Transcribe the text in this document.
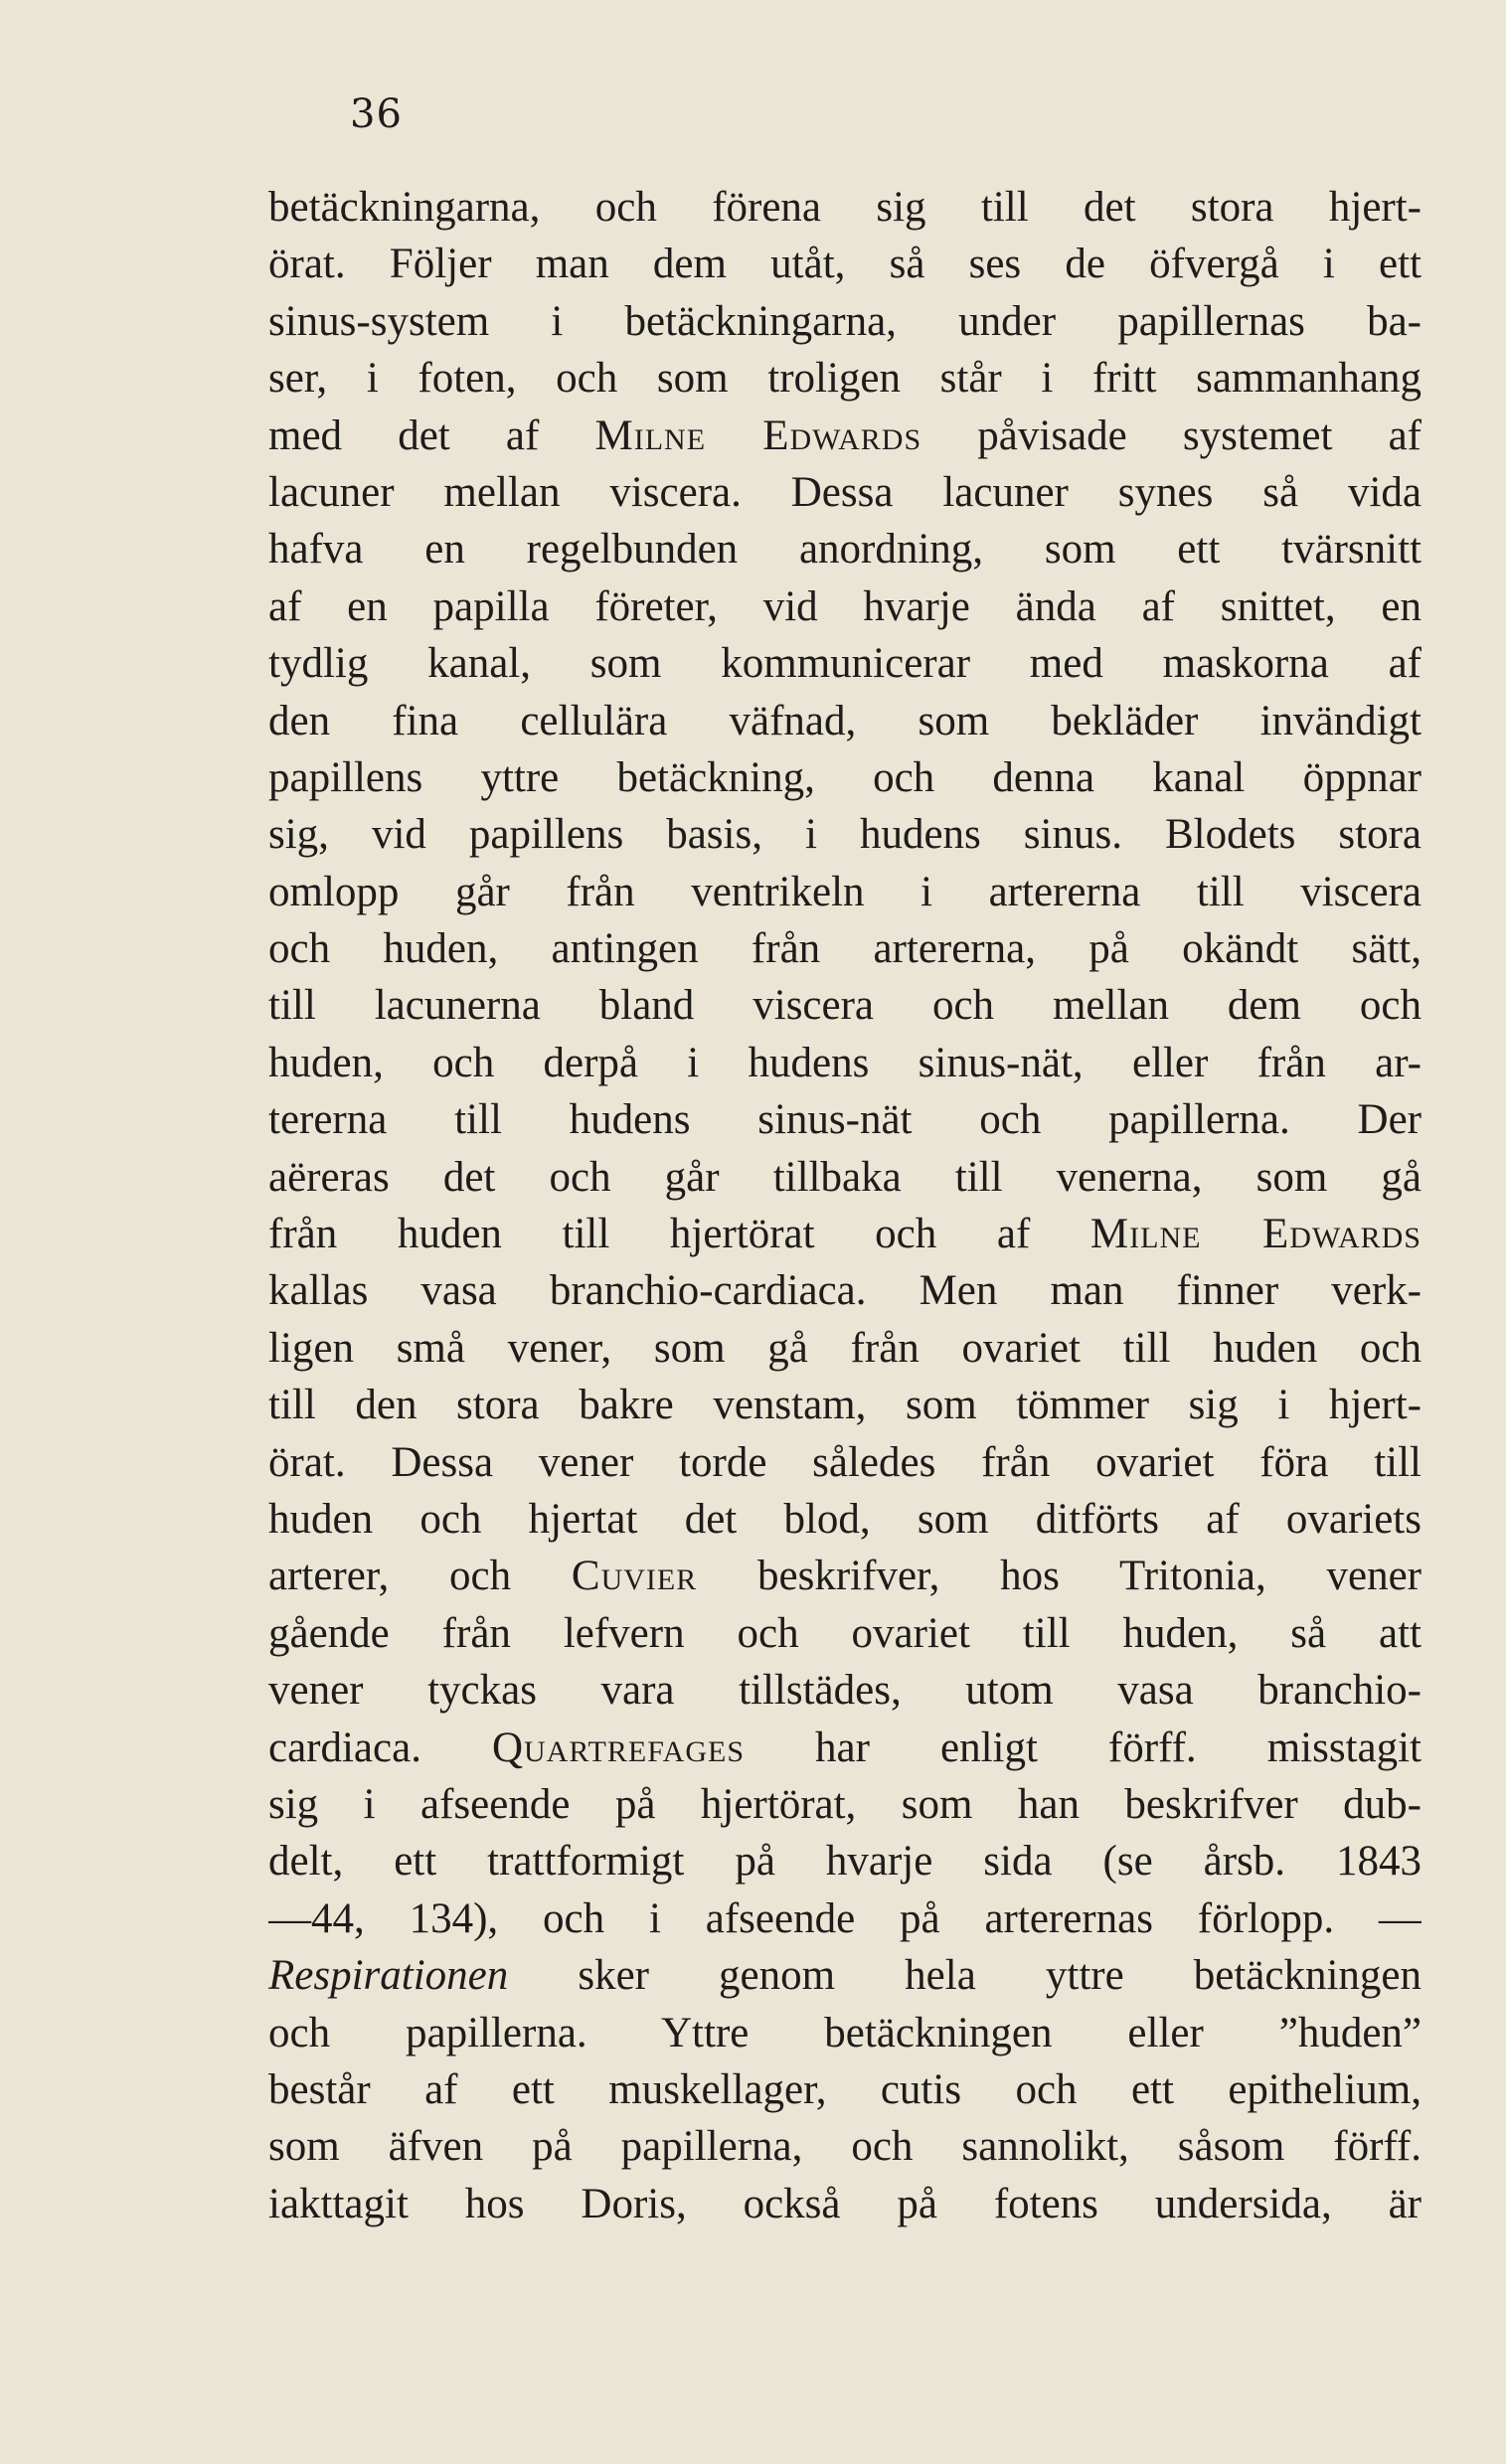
36
betäckningarna, och förena sig till det stora hjert-
örat. Följer man dem utåt, så ses de öfvergå i ett
sinus-system i betäckningarna, under papillernas ba-
ser, i foten, och som troligen står i fritt sammanhang
med det af Milne Edwards påvisade systemet af
lacuner mellan viscera. Dessa lacuner synes så vida
hafva en regelbunden anordning, som ett tvärsnitt
af en papilla företer, vid hvarje ända af snittet, en
tydlig kanal, som kommunicerar med maskorna af
den fina cellulära väfnad, som bekläder invändigt
papillens yttre betäckning, och denna kanal öppnar
sig, vid papillens basis, i hudens sinus. Blodets stora
omlopp går från ventrikeln i artererna till viscera
och huden, antingen från artererna, på okändt sätt,
till lacunerna bland viscera och mellan dem och
huden, och derpå i hudens sinus-nät, eller från ar-
tererna till hudens sinus-nät och papillerna. Der
aëreras det och går tillbaka till venerna, som gå
från huden till hjertörat och af Milne Edwards
kallas vasa branchio-cardiaca. Men man finner verk-
ligen små vener, som gå från ovariet till huden och
till den stora bakre venstam, som tömmer sig i hjert-
örat. Dessa vener torde således från ovariet föra till
huden och hjertat det blod, som ditförts af ovariets
arterer, och Cuvier beskrifver, hos Tritonia, vener
gående från lefvern och ovariet till huden, så att
vener tyckas vara tillstädes, utom vasa branchio-
cardiaca. Quartrefages har enligt förff. misstagit
sig i afseende på hjertörat, som han beskrifver dub-
delt, ett trattformigt på hvarje sida (se årsb. 1843
—44, 134), och i afseende på arterernas förlopp. —
Respirationen sker genom hela yttre betäckningen
och papillerna. Yttre betäckningen eller ”huden”
består af ett muskellager, cutis och ett epithelium,
som äfven på papillerna, och sannolikt, såsom förff.
iakttagit hos Doris, också på fotens undersida, är
